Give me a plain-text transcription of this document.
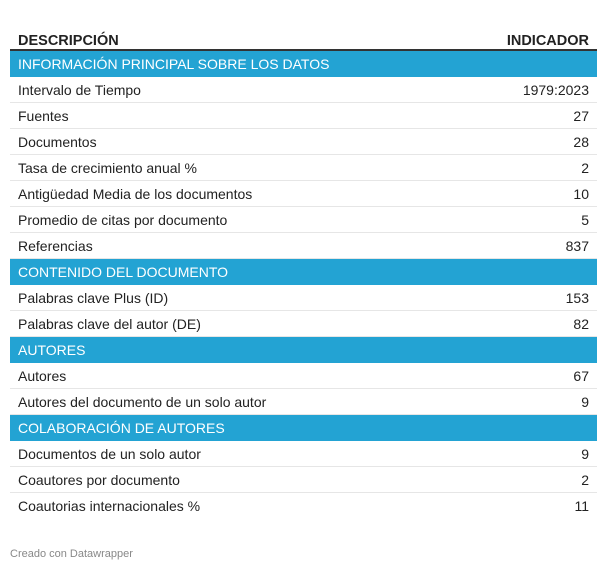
DESCRIPCIÓN	INDICADOR
INFORMACIÓN PRINCIPAL SOBRE LOS DATOS
Intervalo de Tiempo	1979:2023
Fuentes	27
Documentos	28
Tasa de crecimiento anual %	2
Antigüedad Media de los documentos	10
Promedio de citas por documento	5
Referencias	837
CONTENIDO DEL DOCUMENTO
Palabras clave Plus (ID)	153
Palabras clave del autor (DE)	82
AUTORES
Autores	67
Autores del documento de un solo autor	9
COLABORACIÓN DE AUTORES
Documentos de un solo autor	9
Coautores por documento	2
Coautorias internacionales %	11
Creado con Datawrapper
